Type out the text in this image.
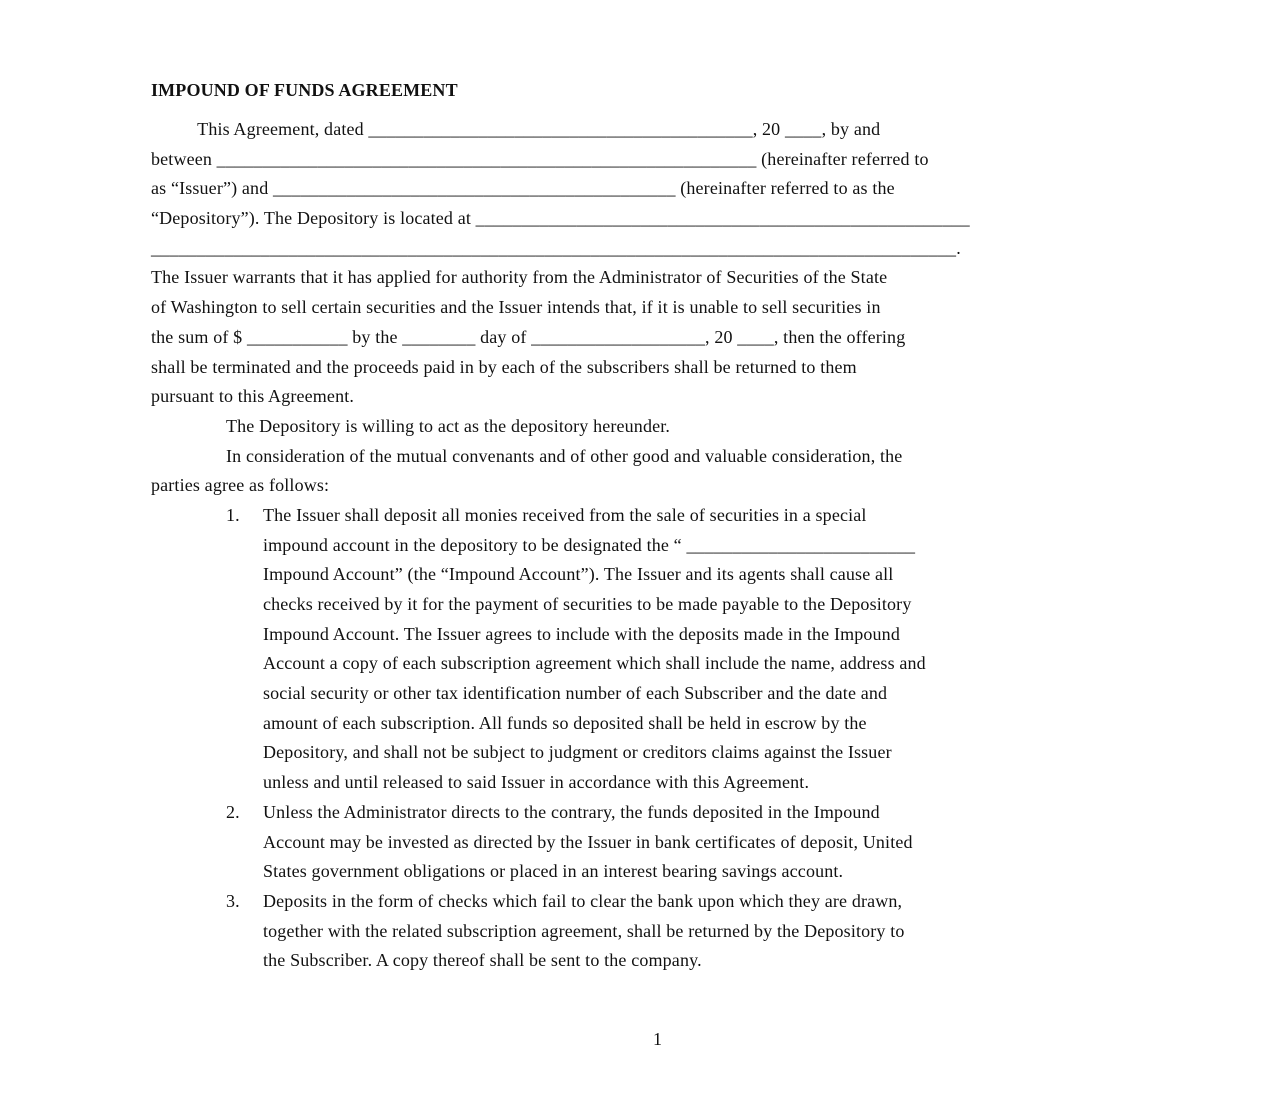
IMPOUND OF FUNDS AGREEMENT
This Agreement, dated __________________________________________, 20 ____, by and
between ___________________________________________________________ (hereinafter referred to
as “Issuer”) and ____________________________________________ (hereinafter referred to as the
“Depository”). The Depository is located at ______________________________________________________
________________________________________________________________________________________.
The Issuer warrants that it has applied for authority from the Administrator of Securities of the State
of Washington to sell certain securities and the Issuer intends that, if it is unable to sell securities in
the sum of $ ___________ by the ________ day of ___________________, 20 ____, then the offering
shall be terminated and the proceeds paid in by each of the subscribers shall be returned to them
pursuant to this Agreement.
The Depository is willing to act as the depository hereunder.
In consideration of the mutual convenants and of other good and valuable consideration, the
parties agree as follows:
1.	The Issuer shall deposit all monies received from the sale of securities in a special
impound account in the depository to be designated the “ _________________________
Impound Account” (the “Impound Account”). The Issuer and its agents shall cause all
checks received by it for the payment of securities to be made payable to the Depository
Impound Account. The Issuer agrees to include with the deposits made in the Impound
Account a copy of each subscription agreement which shall include the name, address and
social security or other tax identification number of each Subscriber and the date and
amount of each subscription. All funds so deposited shall be held in escrow by the
Depository, and shall not be subject to judgment or creditors claims against the Issuer
unless and until released to said Issuer in accordance with this Agreement.
2.	Unless the Administrator directs to the contrary, the funds deposited in the Impound
Account may be invested as directed by the Issuer in bank certificates of deposit, United
States government obligations or placed in an interest bearing savings account.
3.	Deposits in the form of checks which fail to clear the bank upon which they are drawn,
together with the related subscription agreement, shall be returned by the Depository to
the Subscriber. A copy thereof shall be sent to the company.
1
